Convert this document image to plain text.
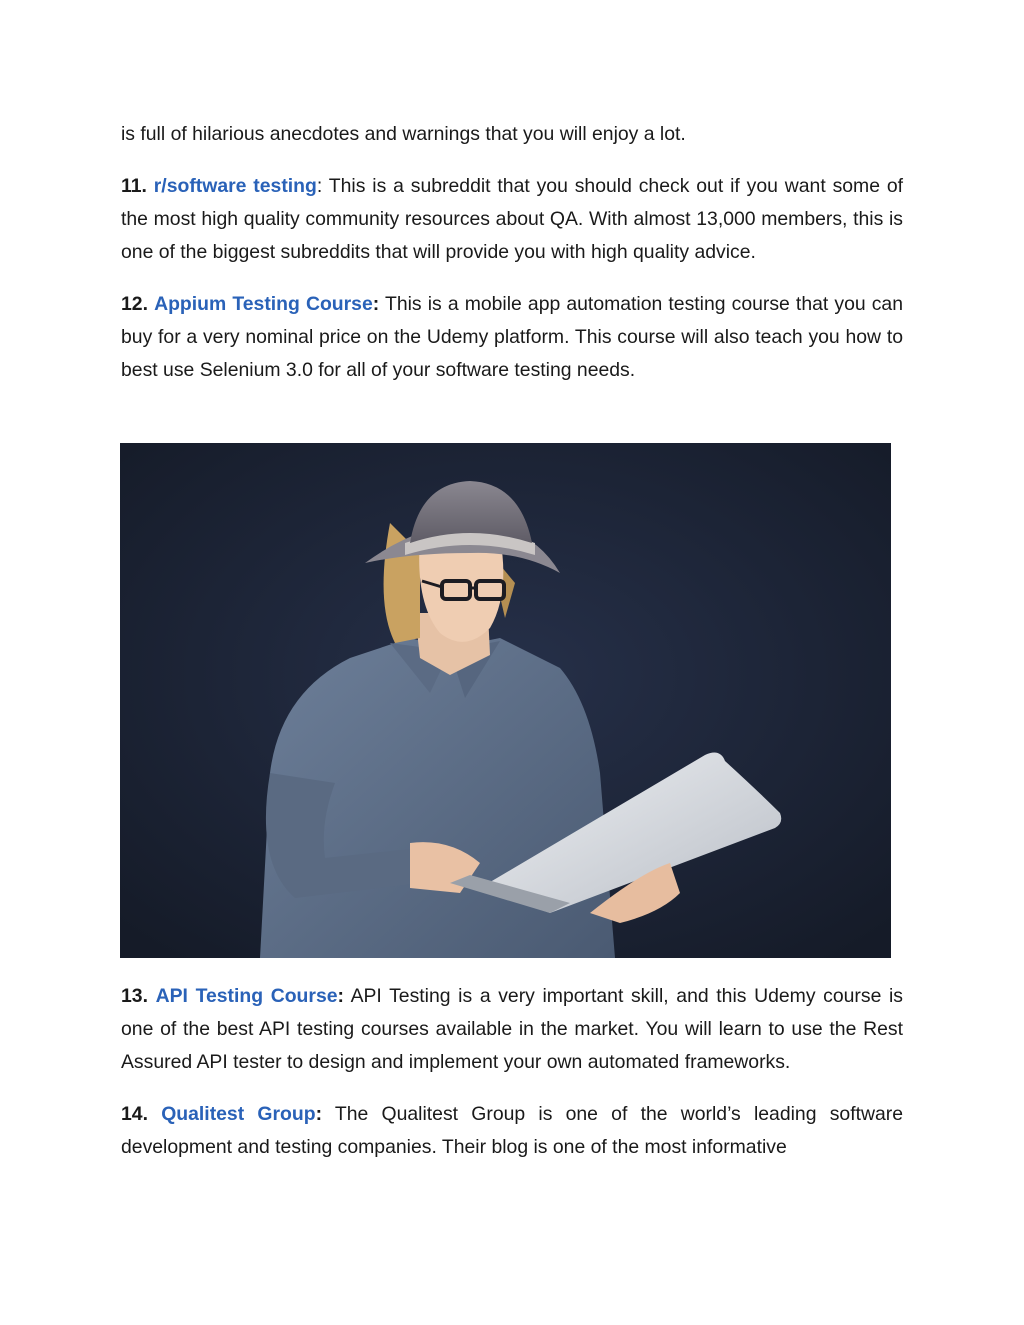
is full of hilarious anecdotes and warnings that you will enjoy a lot.

11. r/software testing: This is a subreddit that you should check out if you want some of the most high quality community resources about QA. With almost 13,000 members, this is one of the biggest subreddits that will provide you with high quality advice.

12. Appium Testing Course: This is a mobile app automation testing course that you can buy for a very nominal price on the Udemy platform. This course will also teach you how to best use Selenium 3.0 for all of your software testing needs.

13. API Testing Course: API Testing is a very important skill, and this Udemy course is one of the best API testing courses available in the market. You will learn to use the Rest Assured API tester to design and implement your own automated frameworks.

14. Qualitest Group: The Qualitest Group is one of the world’s leading software development and testing companies. Their blog is one of the most informative
